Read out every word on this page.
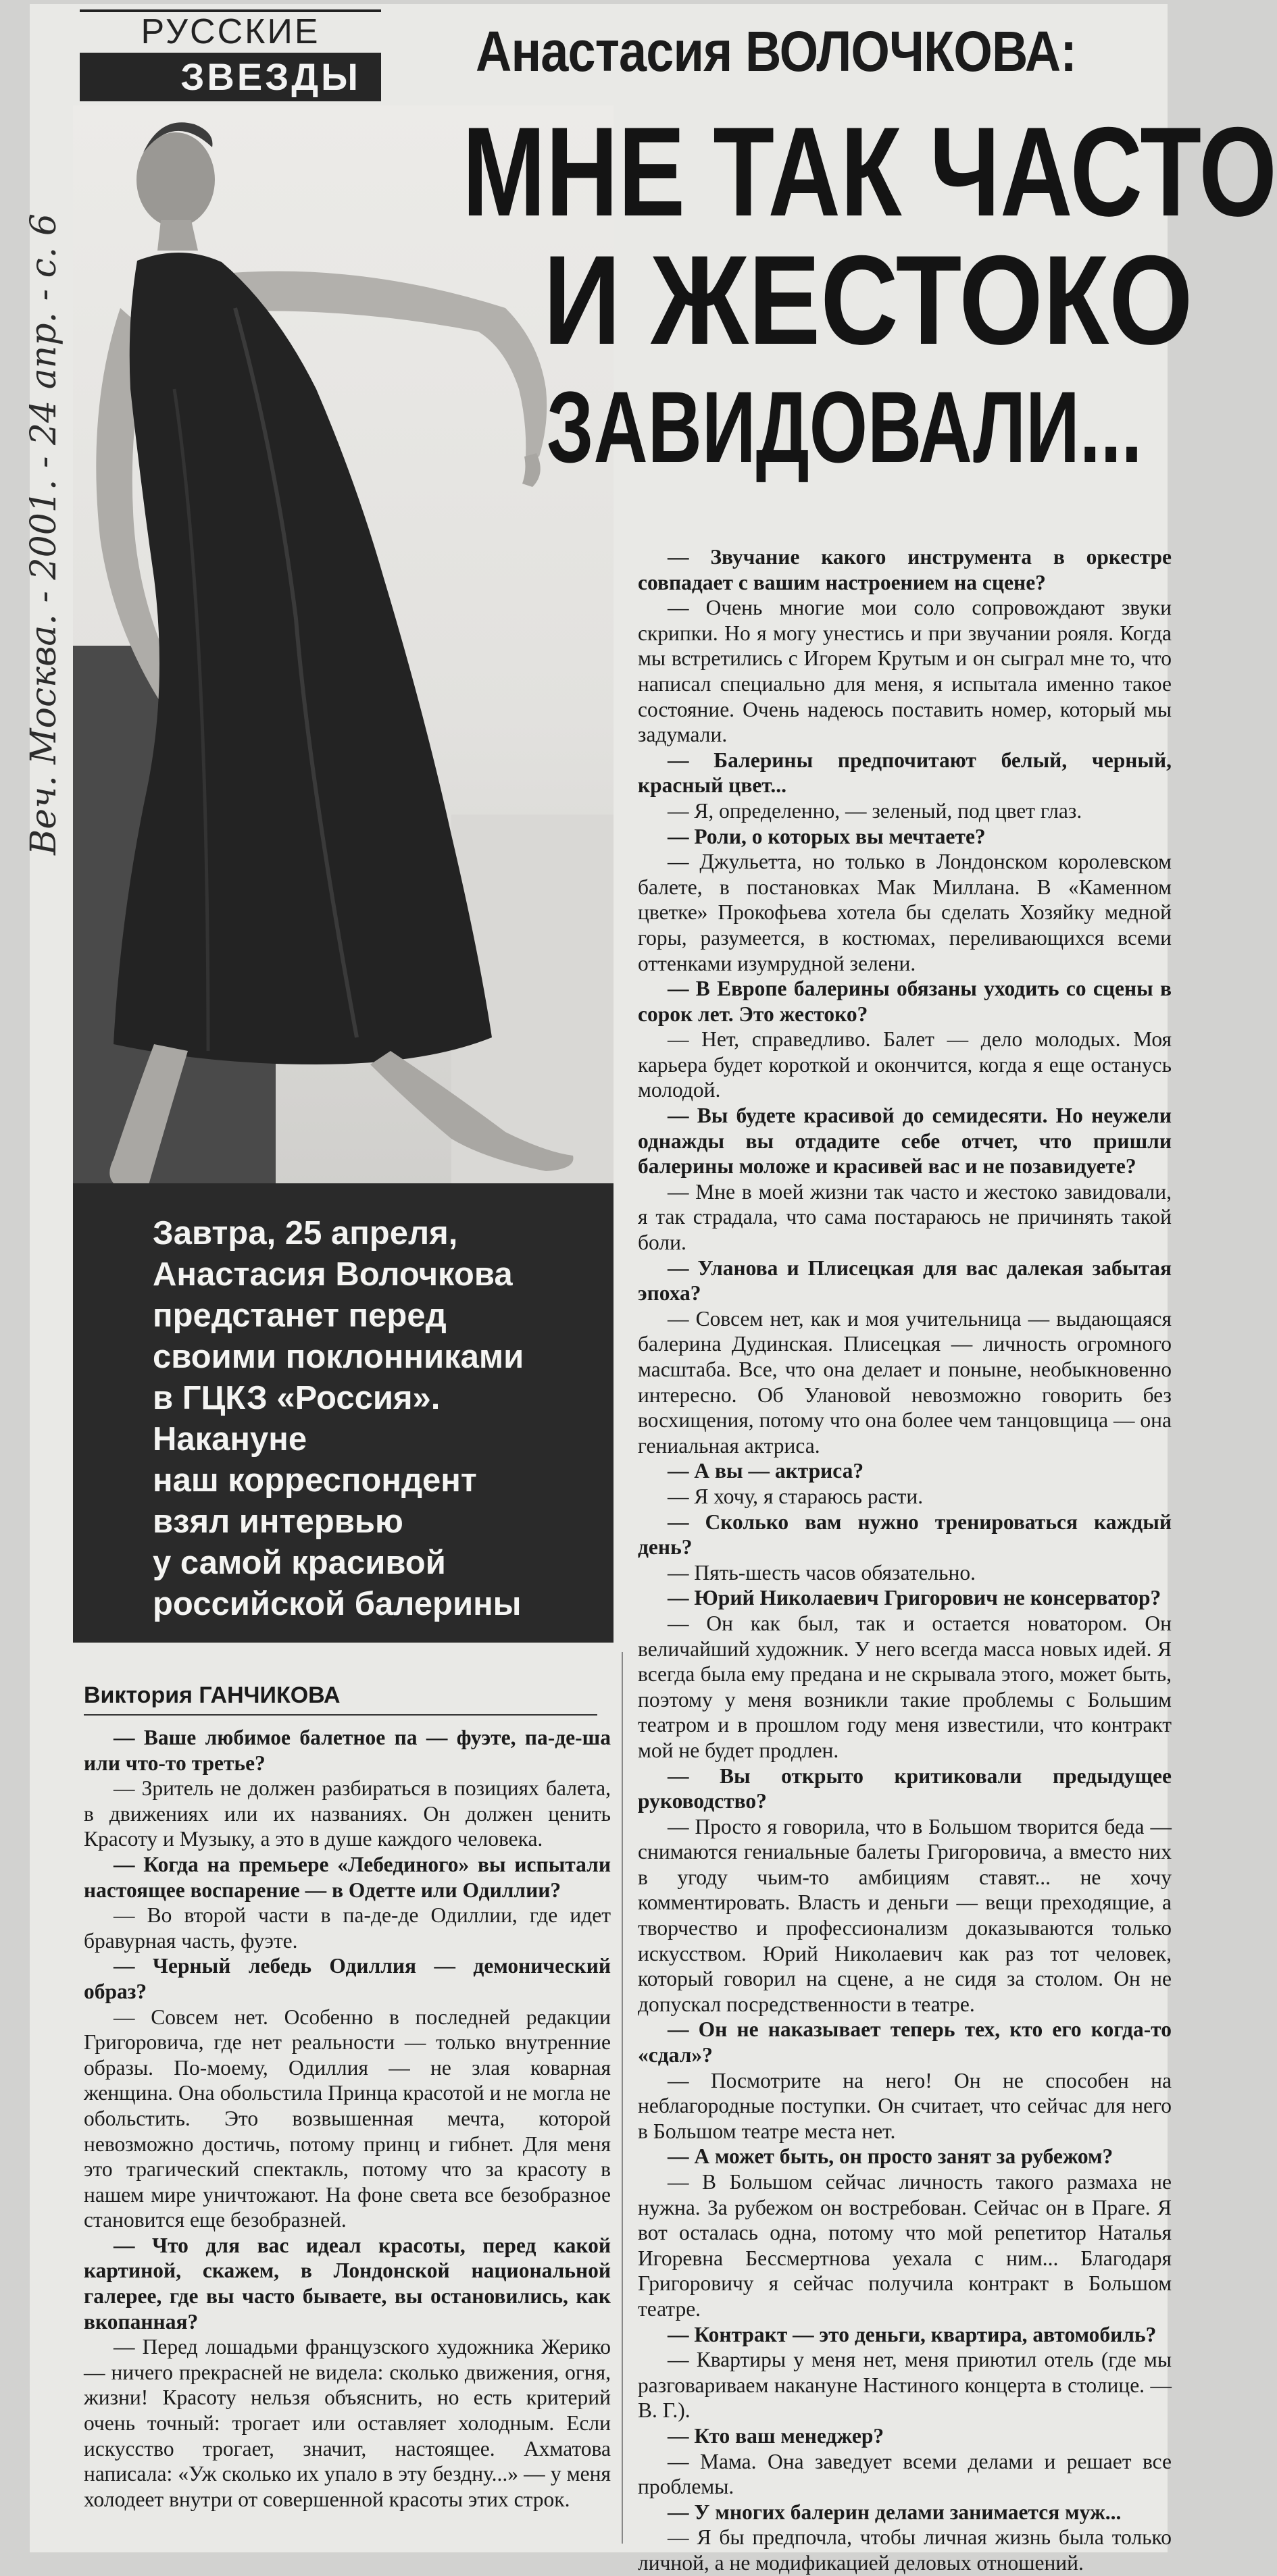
Веч. Москва. - 2001. - 24 апр. - с. 6
РУССКИЕ
ЗВЕЗДЫ	Анастасия ВОЛОЧКОВА:
МНЕ ТАК ЧАСТО
И ЖЕСТОКО
ЗАВИДОВАЛИ...
Завтра, 25 апреля,
Анастасия Волочкова
предстанет перед
своими поклонниками
в ГЦКЗ «Россия».
Накануне
наш корреспондент
взял интервью
у самой красивой
российской балерины
Виктория ГАНЧИКОВА

— Ваше любимое балетное па — фуэте, па-де-ша или что-то третье?

— Зритель не должен разбираться в позициях балета, в движениях или их названиях. Он должен ценить Красоту и Музыку, а это в душе каждого человека.

— Когда на премьере «Лебединого» вы испытали настоящее воспарение — в Одетте или Одиллии?

— Во второй части в па-де-де Одиллии, где идет бравурная часть, фуэте.

— Черный лебедь Одиллия — демонический образ?

— Совсем нет. Особенно в последней редакции Григоровича, где нет реальности — только внутренние образы. По-моему, Одиллия — не злая коварная женщина. Она обольстила Принца красотой и не могла не обольстить. Это возвышенная мечта, которой невозможно достичь, потому принц и гибнет. Для меня это трагический спектакль, потому что за красоту в нашем мире уничтожают. На фоне света все безобразное становится еще безобразней.

— Что для вас идеал красоты, перед какой картиной, скажем, в Лондонской национальной галерее, где вы часто бываете, вы остановились, как вкопанная?

— Перед лошадьми французского художника Жерико — ничего прекрасней не видела: сколько движения, огня, жизни! Красоту нельзя объяснить, но есть критерий очень точный: трогает или оставляет холодным. Если искусство трогает, значит, настоящее. Ахматова написала: «Уж сколько их упало в эту бездну...» — у меня холодеет внутри от совершенной красоты этих строк.

— Звучание какого инструмента в оркестре совпадает с вашим настроением на сцене?

— Очень многие мои соло сопровождают звуки скрипки. Но я могу унестись и при звучании рояля. Когда мы встретились с Игорем Крутым и он сыграл мне то, что написал специально для меня, я испытала именно такое состояние. Очень надеюсь поставить номер, который мы задумали.

— Балерины предпочитают белый, черный, красный цвет...

— Я, определенно, — зеленый, под цвет глаз.

— Роли, о которых вы мечтаете?

— Джульетта, но только в Лондонском королевском балете, в постановках Мак Миллана. В «Каменном цветке» Прокофьева хотела бы сделать Хозяйку медной горы, разумеется, в костюмах, переливающихся всеми оттенками изумрудной зелени.

— В Европе балерины обязаны уходить со сцены в сорок лет. Это жестоко?

— Нет, справедливо. Балет — дело молодых. Моя карьера будет короткой и окончится, когда я еще останусь молодой.

— Вы будете красивой до семидесяти. Но неужели однажды вы отдадите себе отчет, что пришли балерины моложе и красивей вас и не позавидуете?

— Мне в моей жизни так часто и жестоко завидовали, я так страдала, что сама постараюсь не причинять такой боли.

— Уланова и Плисецкая для вас далекая забытая эпоха?

— Совсем нет, как и моя учительница — выдающаяся балерина Дудинская. Плисецкая — личность огромного масштаба. Все, что она делает и поныне, необыкновенно интересно. Об Улановой невозможно говорить без восхищения, потому что она более чем танцовщица — она гениальная актриса.

— А вы — актриса?

— Я хочу, я стараюсь расти.

— Сколько вам нужно тренироваться каждый день?

— Пять-шесть часов обязательно.

— Юрий Николаевич Григорович не консерватор?

— Он как был, так и остается новатором. Он величайший художник. У него всегда масса новых идей. Я всегда была ему предана и не скрывала этого, может быть, поэтому у меня возникли такие проблемы с Большим театром и в прошлом году меня известили, что контракт мой не будет продлен.

— Вы открыто критиковали предыдущее руководство?

— Просто я говорила, что в Большом творится беда — снимаются гениальные балеты Григоровича, а вместо них в угоду чьим-то амбициям ставят... не хочу комментировать. Власть и деньги — вещи преходящие, а творчество и профессионализм доказываются только искусством. Юрий Николаевич как раз тот человек, который говорил на сцене, а не сидя за столом. Он не допускал посредственности в театре.

— Он не наказывает теперь тех, кто его когда-то «сдал»?

— Посмотрите на него! Он не способен на неблагородные поступки. Он считает, что сейчас для него в Большом театре места нет.

— А может быть, он просто занят за рубежом?

— В Большом сейчас личность такого размаха не нужна. За рубежом он востребован. Сейчас он в Праге. Я вот осталась одна, потому что мой репетитор Наталья Игоревна Бессмертнова уехала с ним... Благодаря Григоровичу я сейчас получила контракт в Большом театре.

— Контракт — это деньги, квартира, автомобиль?

— Квартиры у меня нет, меня приютил отель (где мы разговариваем накануне Настиного концерта в столице. — В. Г.).

— Кто ваш менеджер?

— Мама. Она заведует всеми делами и решает все проблемы.

— У многих балерин делами занимается муж...

— Я бы предпочла, чтобы личная жизнь была только личной, а не модификацией деловых отношений.
